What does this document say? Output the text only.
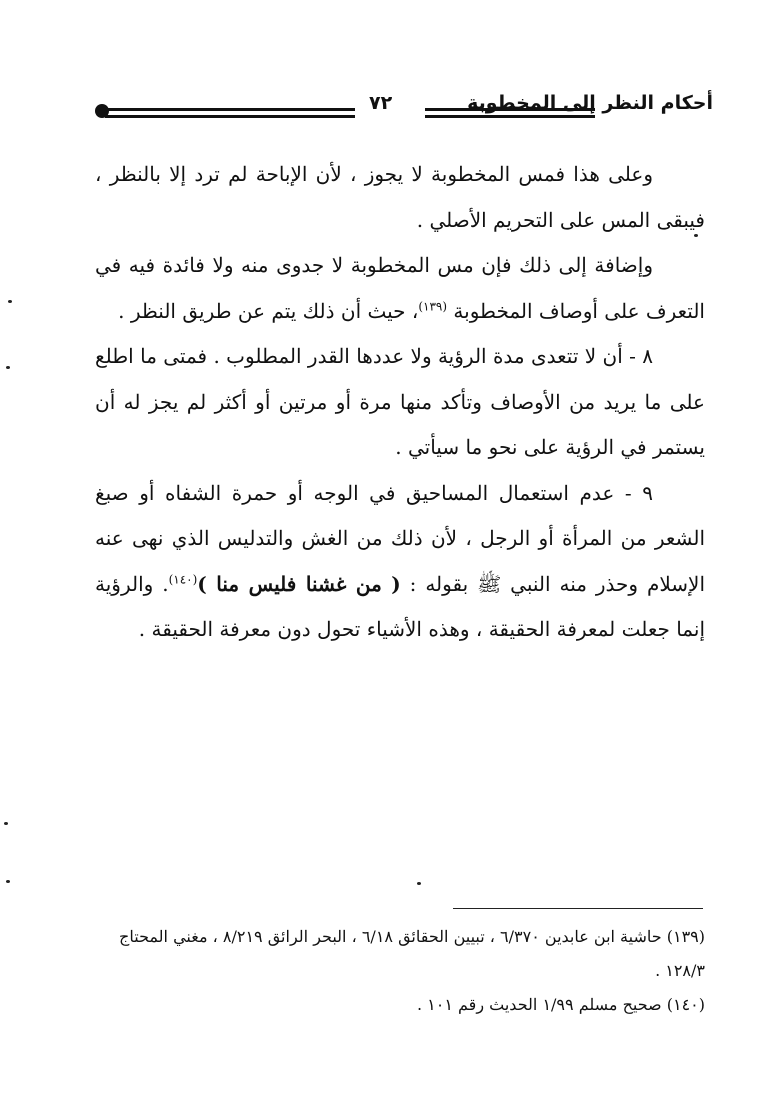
أحكام النظر إلى المخطوبة
٧٢

وعلى هذا فمس المخطوبة لا يجوز ، لأن الإباحة لم ترد إلا بالنظر ، فيبقى المس على التحريم الأصلي .

وإضافة إلى ذلك فإن مس المخطوبة لا جدوى منه ولا فائدة فيه في التعرف على أوصاف المخطوبة $^{(١٣٩)}$، حيث أن ذلك يتم عن طريق النظر .

٨ - أن لا تتعدى مدة الرؤية ولا عددها القدر المطلوب . فمتى ما اطلع على ما يريد من الأوصاف وتأكد منها مرة أو مرتين أو أكثر لم يجز له أن يستمر في الرؤية على نحو ما سيأتي .

٩ - عدم استعمال المساحيق في الوجه أو حمرة الشفاه أو صبغ الشعر من المرأة أو الرجل ، لأن ذلك من الغش والتدليس الذي نهى عنه الإسلام وحذر منه النبي ﷺ بقوله : ( من غشنا فليس منا )$^{(١٤٠)}$. والرؤية إنما جعلت لمعرفة الحقيقة ، وهذه الأشياء تحول دون معرفة الحقيقة .

(١٣٩) حاشية ابن عابدين ٦/٣٧٠ ، تبيين الحقائق ٦/١٨ ، البحر الرائق ٨/٢١٩ ، مغني المحتاج ١٢٨/٣ .

(١٤٠) صحيح مسلم ١/٩٩ الحديث رقم ١٠١ .
